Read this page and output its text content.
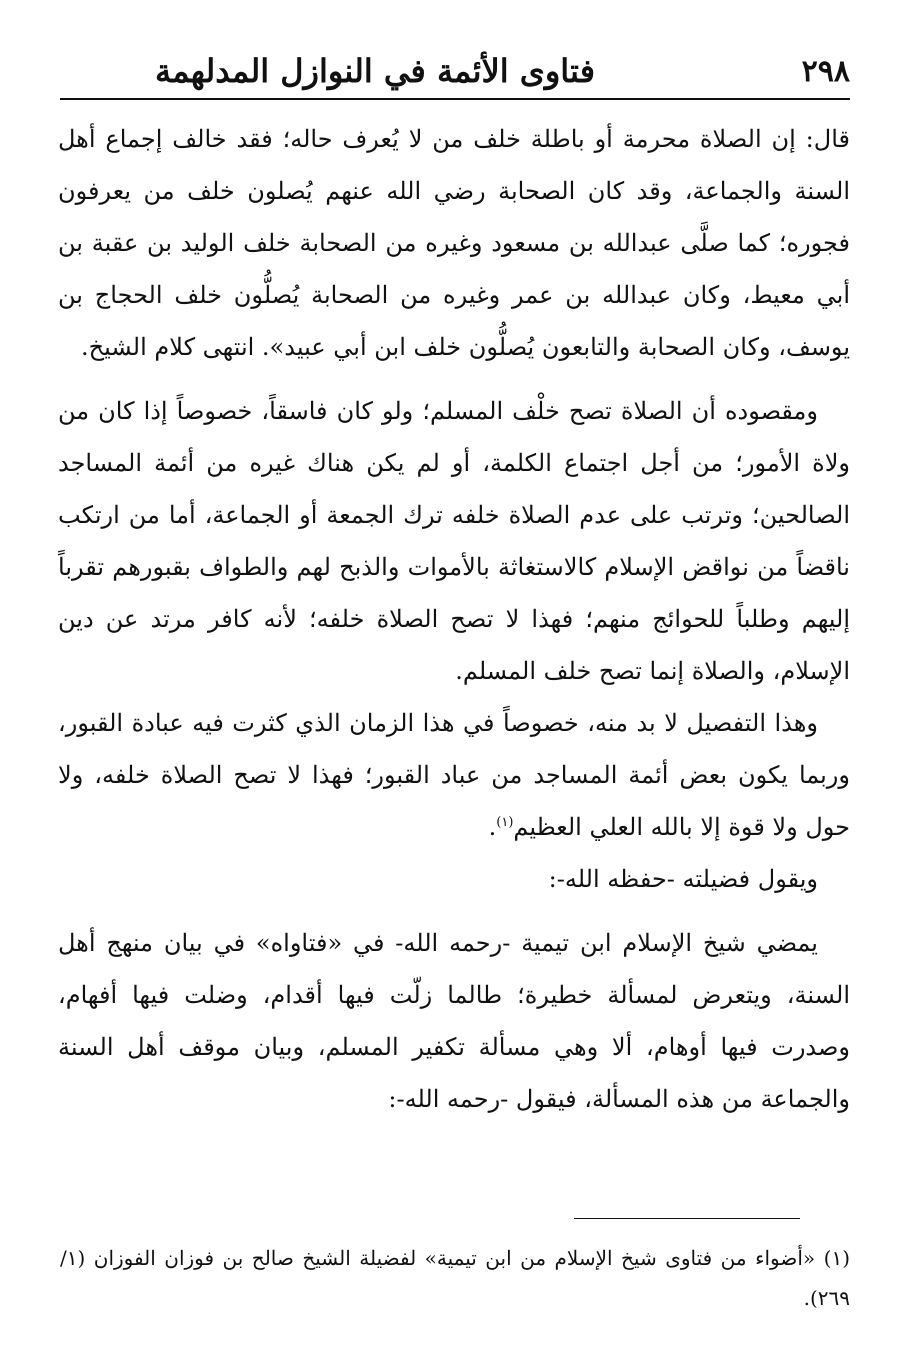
٢٩٨
فتاوى الأئمة في النوازل المدلهمة

قال: إن الصلاة محرمة أو باطلة خلف من لا يُعرف حاله؛ فقد خالف إجماع أهل السنة والجماعة، وقد كان الصحابة رضي الله عنهم يُصلون خلف من يعرفون فجوره؛ كما صلَّى عبدالله بن مسعود وغيره من الصحابة خلف الوليد بن عقبة بن أبي معيط، وكان عبدالله بن عمر وغيره من الصحابة يُصلُّون خلف الحجاج بن يوسف، وكان الصحابة والتابعون يُصلُّون خلف ابن أبي عبيد». انتهى كلام الشيخ.

ومقصوده أن الصلاة تصح خلْف المسلم؛ ولو كان فاسقاً، خصوصاً إذا كان من ولاة الأمور؛ من أجل اجتماع الكلمة، أو لم يكن هناك غيره من أئمة المساجد الصالحين؛ وترتب على عدم الصلاة خلفه ترك الجمعة أو الجماعة، أما من ارتكب ناقضاً من نواقض الإسلام كالاستغاثة بالأموات والذبح لهم والطواف بقبورهم تقرباً إليهم وطلباً للحوائج منهم؛ فهذا لا تصح الصلاة خلفه؛ لأنه كافر مرتد عن دين الإسلام، والصلاة إنما تصح خلف المسلم.

وهذا التفصيل لا بد منه، خصوصاً في هذا الزمان الذي كثرت فيه عبادة القبور، وربما يكون بعض أئمة المساجد من عباد القبور؛ فهذا لا تصح الصلاة خلفه، ولا حول ولا قوة إلا بالله العلي العظيم$^{(١)}$.

ويقول فضيلته -حفظه الله-:

يمضي شيخ الإسلام ابن تيمية -رحمه الله- في «فتاواه» في بيان منهج أهل السنة، ويتعرض لمسألة خطيرة؛ طالما زلّت فيها أقدام، وضلت فيها أفهام، وصدرت فيها أوهام، ألا وهي مسألة تكفير المسلم، وبيان موقف أهل السنة والجماعة من هذه المسألة، فيقول -رحمه الله-:

(١) «أضواء من فتاوى شيخ الإسلام من ابن تيمية» لفضيلة الشيخ صالح بن فوزان الفوزان (١/ ٢٦٩).
